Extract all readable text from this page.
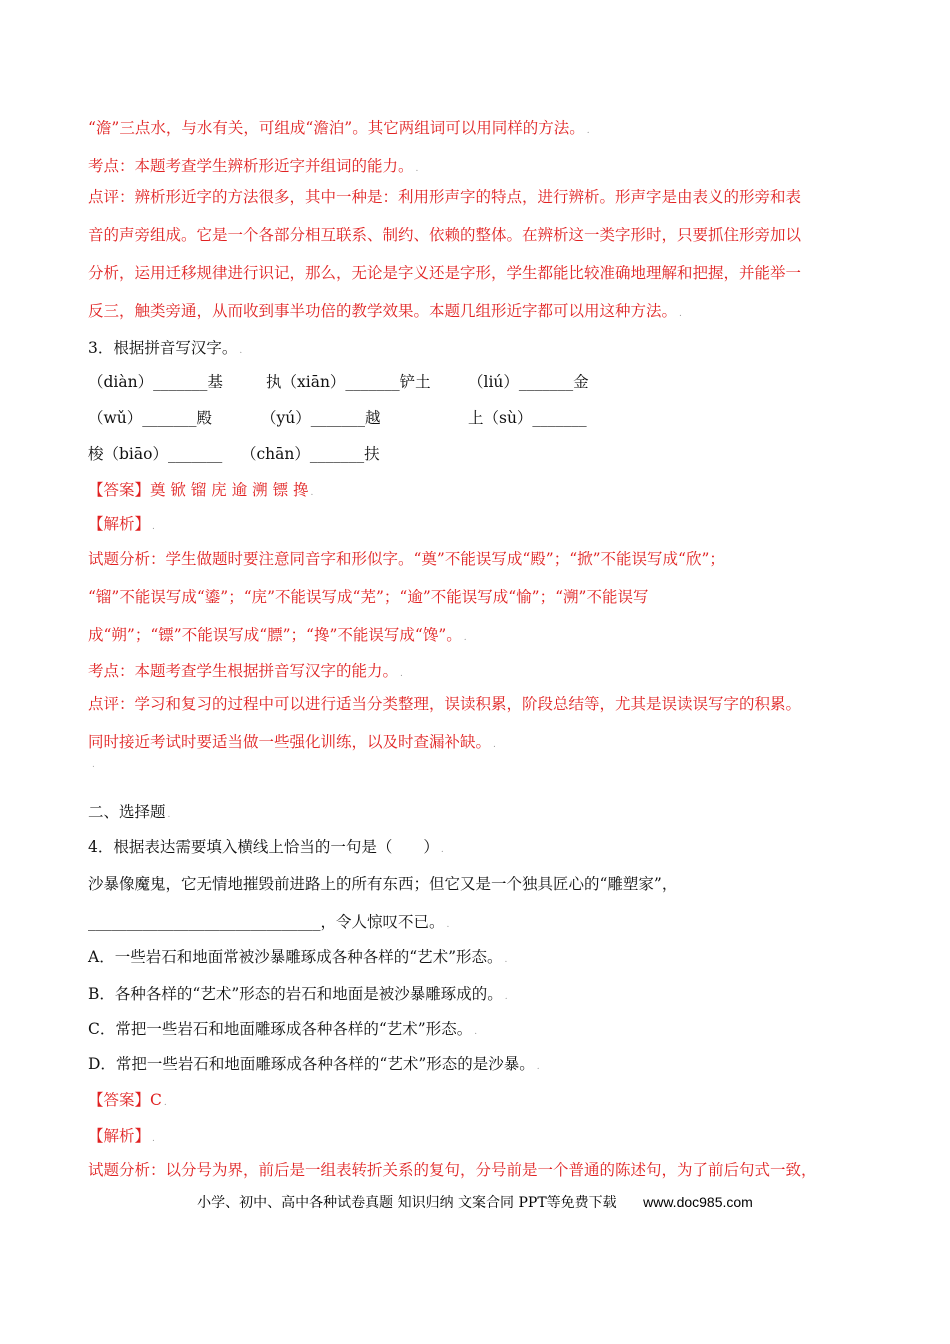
“澹”三点水，与水有关，可组成“澹泊”。其它两组词可以用同样的方法。 .
考点：本题考查学生辨析形近字并组词的能力。 .
点评：辨析形近字的方法很多，其中一种是：利用形声字的特点，进行辨析。形声字是由表义的形旁和表
音的声旁组成。它是一个各部分相互联系、制约、依赖的整体。在辨析这一类字形时，只要抓住形旁加以
分析，运用迁移规律进行识记，那么，无论是字义还是字形，学生都能比较准确地理解和把握，并能举一
反三，触类旁通，从而收到事半功倍的教学效果。本题几组形近字都可以用这种方法。 .
3．根据拼音写汉字。 .
（diàn）_______基	执（xiān）_______铲土 （liú）_______金
（wǔ）_______殿	（yú）_______越	上（sù）_______
梭（biāo）_______ （chān）_______扶
【答案】奠 锨 镏 庑 逾 溯 镖 搀 .
【解析】 .
试题分析：学生做题时要注意同音字和形似字。“奠”不能误写成“殿”；“掀”不能误写成“欣”；
“镏”不能误写成“鎏”；“庑”不能误写成“芜”；“逾”不能误写成“愉”；“溯”不能误写
成“朔”；“镖”不能误写成“膘”；“搀”不能误写成“馋”。 .
考点：本题考查学生根据拼音写汉字的能力。 .
点评：学习和复习的过程中可以进行适当分类整理，误读积累，阶段总结等，尤其是误读误写字的积累。
同时接近考试时要适当做一些强化训练，以及时查漏补缺。 .
.
二、选择题 .
4．根据表达需要填入横线上恰当的一句是（　　） .
沙暴像魔鬼，它无情地摧毁前进路上的所有东西；但它又是一个独具匠心的“雕塑家”，
______________________________，令人惊叹不已。 .
A．一些岩石和地面常被沙暴雕琢成各种各样的“艺术”形态。 .
B．各种各样的“艺术”形态的岩石和地面是被沙暴雕琢成的。 .
C．常把一些岩石和地面雕琢成各种各样的“艺术”形态。 .
D．常把一些岩石和地面雕琢成各种各样的“艺术”形态的是沙暴。 .
【答案】C .
【解析】 .
试题分析：以分号为界，前后是一组表转折关系的复句，分号前是一个普通的陈述句，为了前后句式一致，
小学、初中、高中各种试卷真题 知识归纳 文案合同 PPT等免费下载 www.doc985.com
